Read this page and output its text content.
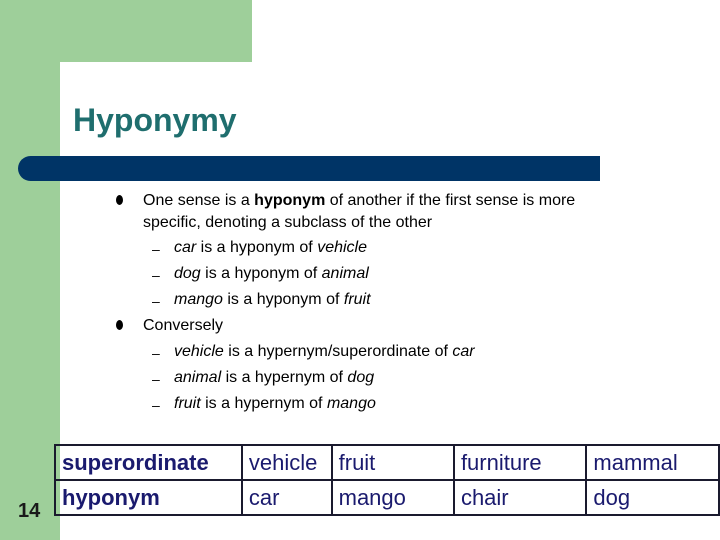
Hyponymy
One sense is a hyponym of another if the first sense is more
specific, denoting a subclass of the other
– car is a hyponym of vehicle
– dog is a hyponym of animal
– mango is a hyponym of fruit
Conversely
– vehicle is a hypernym/superordinate of car
– animal is a hypernym of dog
– fruit is a hypernym of mango
superordinate	vehicle	fruit	furniture	mammal
hyponym	car	mango	chair	dog
14
